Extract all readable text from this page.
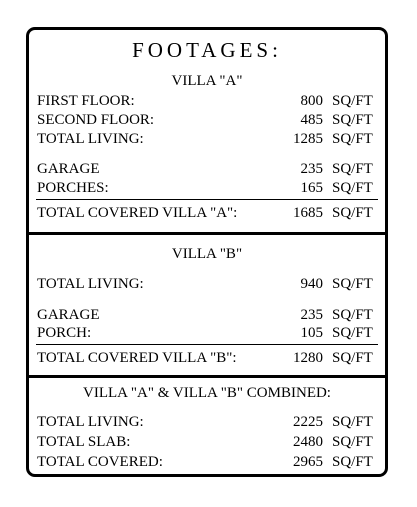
FOOTAGES:
VILLA "A"
FIRST FLOOR:	800 SQ/FT
SECOND FLOOR:	485 SQ/FT
TOTAL LIVING:	1285 SQ/FT
GARAGE	235 SQ/FT
PORCHES:	165 SQ/FT
TOTAL COVERED VILLA "A":	1685 SQ/FT
VILLA "B"
TOTAL LIVING:	940 SQ/FT
GARAGE	235 SQ/FT
PORCH:	105 SQ/FT
TOTAL COVERED VILLA "B":	1280 SQ/FT
VILLA "A" & VILLA "B" COMBINED:
TOTAL LIVING:	2225 SQ/FT
TOTAL SLAB:	2480 SQ/FT
TOTAL COVERED:	2965 SQ/FT
